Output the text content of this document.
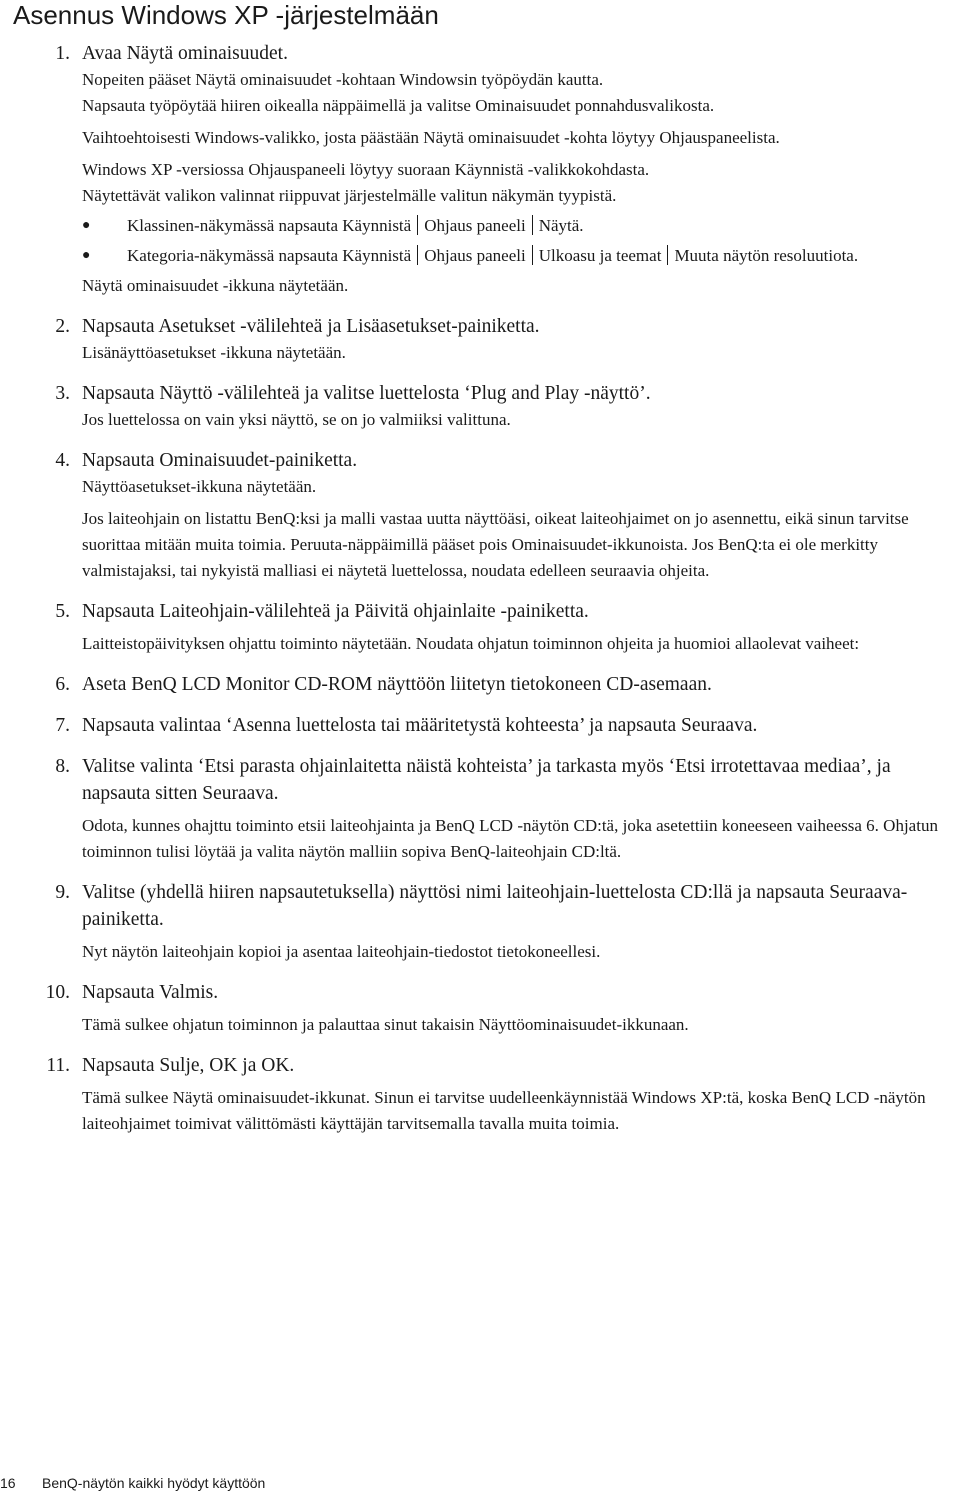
Asennus Windows XP -järjestelmään
1. Avaa Näytä ominaisuudet.

Nopeiten pääset Näytä ominaisuudet -kohtaan Windowsin työpöydän kautta.

Napsauta työpöytää hiiren oikealla näppäimellä ja valitse Ominaisuudet ponnahdusvalikosta.

Vaihtoehtoisesti Windows-valikko, josta päästään Näytä ominaisuudet -kohta löytyy Ohjauspaneelista.

Windows XP -versiossa Ohjauspaneeli löytyy suoraan Käynnistä -valikkokohdasta.

Näytettävät valikon valinnat riippuvat järjestelmälle valitun näkymän tyypistä.

● Klassinen-näkymässä napsauta Käynnistä Ohjaus paneeli Näytä.
● Kategoria-näkymässä napsauta Käynnistä Ohjaus paneeli Ulkoasu ja teemat Muuta näytön resoluutiota.

Näytä ominaisuudet -ikkuna näytetään.

2. Napsauta Asetukset -välilehteä ja Lisäasetukset-painiketta.

Lisänäyttöasetukset -ikkuna näytetään.

3. Napsauta Näyttö -välilehteä ja valitse luettelosta ‘Plug and Play -näyttö’.

Jos luettelossa on vain yksi näyttö, se on jo valmiiksi valittuna.

4. Napsauta Ominaisuudet-painiketta.

Näyttöasetukset-ikkuna näytetään.

Jos laiteohjain on listattu BenQ:ksi ja malli vastaa uutta näyttöäsi, oikeat laiteohjaimet on jo asennettu, eikä sinun tarvitse suorittaa mitään muita toimia. Peruuta-näppäimillä pääset pois Ominaisuudet-ikkunoista. Jos BenQ:ta ei ole merkitty valmistajaksi, tai nykyistä malliasi ei näytetä luettelossa, noudata edelleen seuraavia ohjeita.

5. Napsauta Laiteohjain-välilehteä ja Päivitä ohjainlaite -painiketta.

Laitteistopäivityksen ohjattu toiminto näytetään. Noudata ohjatun toiminnon ohjeita ja huomioi allaolevat vaiheet:

6. Aseta BenQ LCD Monitor CD-ROM näyttöön liitetyn tietokoneen CD-asemaan.

7. Napsauta valintaa ‘Asenna luettelosta tai määritetystä kohteesta’ ja napsauta Seuraava.

8. Valitse valinta ‘Etsi parasta ohjainlaitetta näistä kohteista’ ja tarkasta myös ‘Etsi irrotettavaa mediaa’, ja napsauta sitten Seuraava.

Odota, kunnes ohajttu toiminto etsii laiteohjainta ja BenQ LCD -näytön CD:tä, joka asetettiin koneeseen vaiheessa 6. Ohjatun toiminnon tulisi löytää ja valita näytön malliin sopiva BenQ-laiteohjain CD:ltä.

9. Valitse (yhdellä hiiren napsautetuksella) näyttösi nimi laiteohjain-luettelosta CD:llä ja napsauta Seuraava-painiketta.

Nyt näytön laiteohjain kopioi ja asentaa laiteohjain-tiedostot tietokoneellesi.

10. Napsauta Valmis.

Tämä sulkee ohjatun toiminnon ja palauttaa sinut takaisin Näyttöominaisuudet-ikkunaan.

11. Napsauta Sulje, OK ja OK.

Tämä sulkee Näytä ominaisuudet-ikkunat. Sinun ei tarvitse uudelleenkäynnistää Windows XP:tä, koska BenQ LCD -näytön laiteohjaimet toimivat välittömästi käyttäjän tarvitsemalla tavalla muita toimia.

16 BenQ-näytön kaikki hyödyt käyttöön
